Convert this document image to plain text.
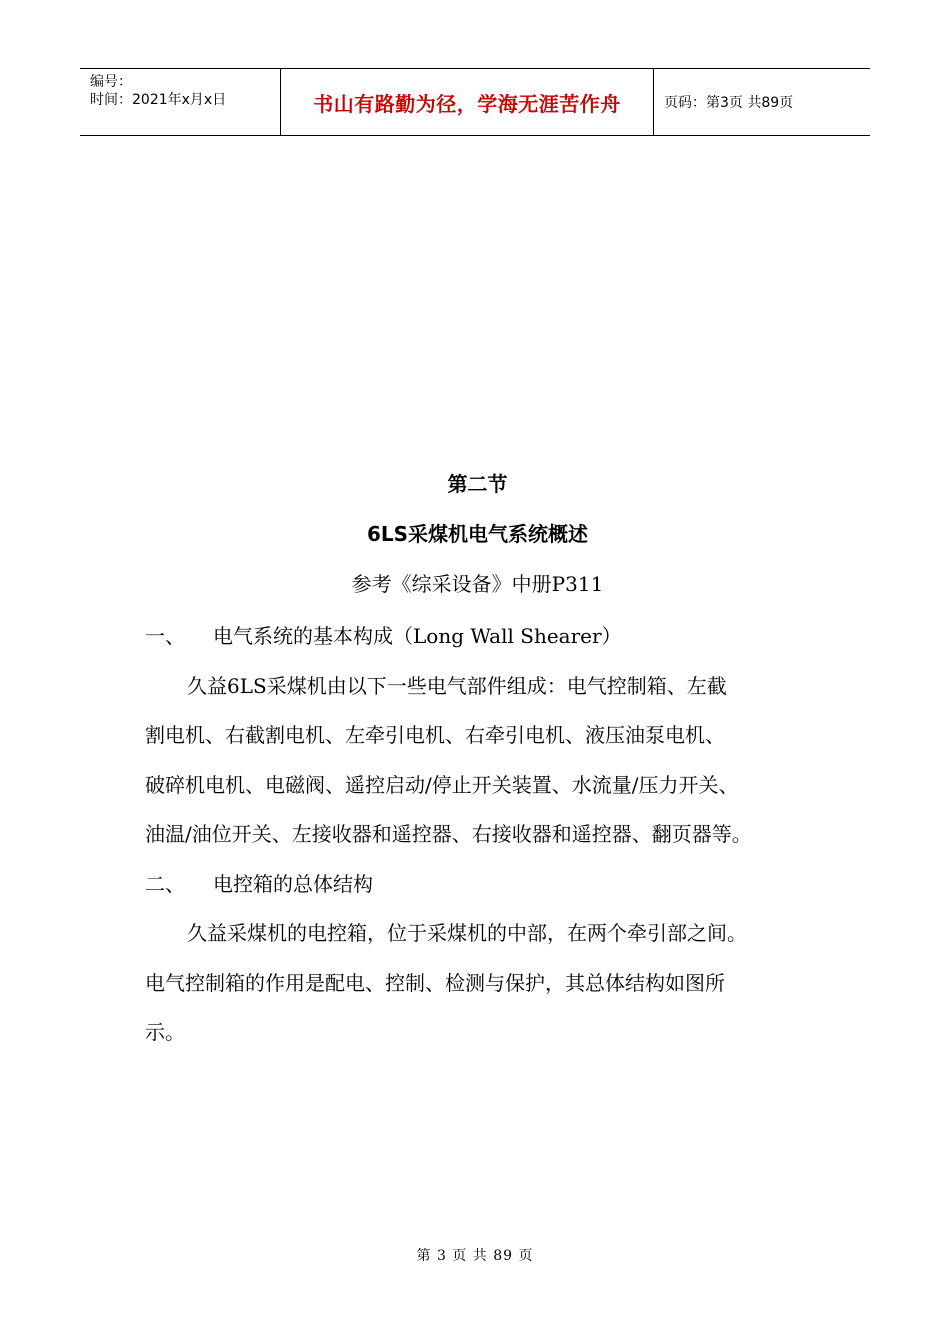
编号：
时间：2021年x月x日	书山有路勤为径，学海无涯苦作舟	页码：第3页 共89页
第二节
6LS采煤机电气系统概述
参考《综采设备》中册P311
一、 电气系统的基本构成（Long Wall Shearer）
久益6LS采煤机由以下一些电气部件组成：电气控制箱、左截
割电机、右截割电机、左牵引电机、右牵引电机、液压油泵电机、
破碎机电机、电磁阀、遥控启动/停止开关装置、水流量/压力开关、
油温/油位开关、左接收器和遥控器、右接收器和遥控器、翻页器等。
二、 电控箱的总体结构
久益采煤机的电控箱，位于采煤机的中部，在两个牵引部之间。
电气控制箱的作用是配电、控制、检测与保护，其总体结构如图所
示。
第 3 页 共 89 页
